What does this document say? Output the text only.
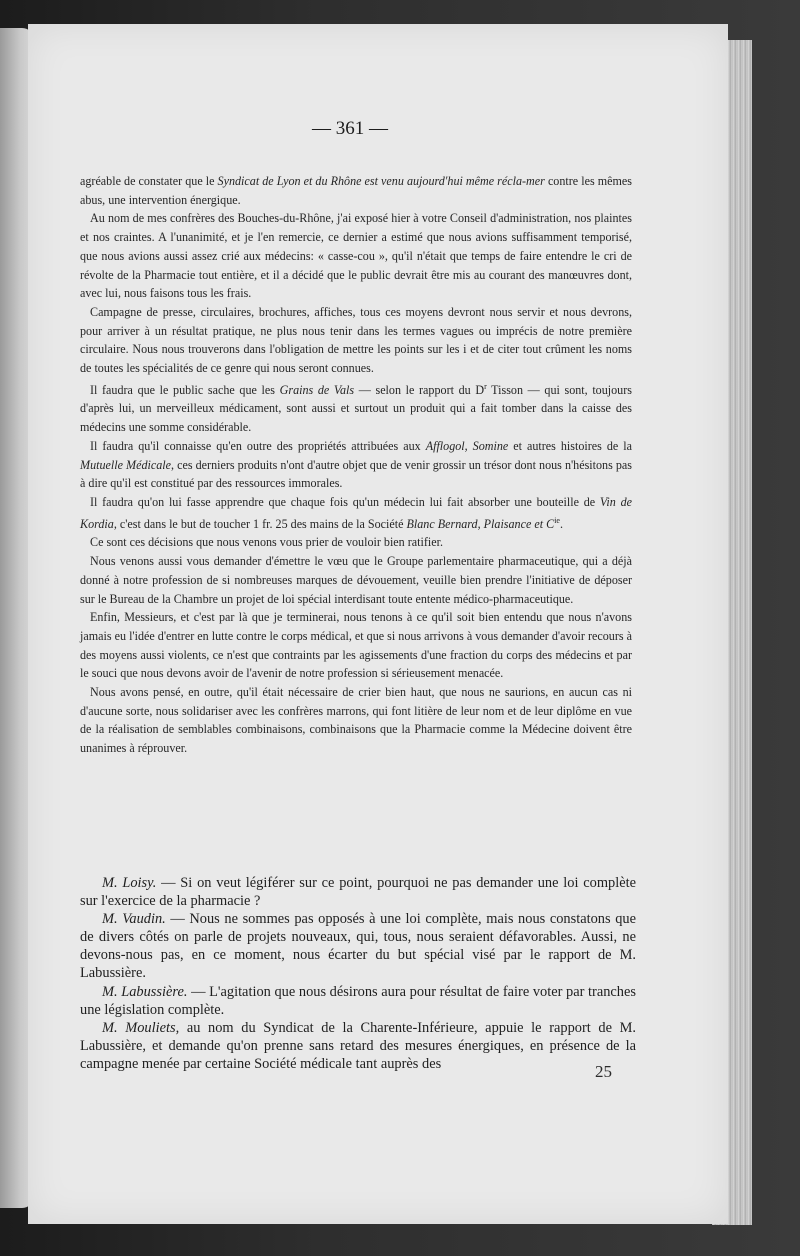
— 361 —

agréable de constater que le Syndicat de Lyon et du Rhône est venu aujourd'hui même récla-mer contre les mêmes abus, une intervention énergique.

Au nom de mes confrères des Bouches-du-Rhône, j'ai exposé hier à votre Conseil d'administration, nos plaintes et nos craintes. A l'unanimité, et je l'en remercie, ce dernier a estimé que nous avions suffisamment temporisé, que nous avions aussi assez crié aux médecins: « casse-cou », qu'il n'était que temps de faire entendre le cri de révolte de la Pharmacie tout entière, et il a décidé que le public devrait être mis au courant des manœuvres dont, avec lui, nous faisons tous les frais.

Campagne de presse, circulaires, brochures, affiches, tous ces moyens devront nous servir et nous devrons, pour arriver à un résultat pratique, ne plus nous tenir dans les termes vagues ou imprécis de notre première circulaire. Nous nous trouverons dans l'obligation de mettre les points sur les i et de citer tout crûment les noms de toutes les spécialités de ce genre qui nous seront connues.

Il faudra que le public sache que les Grains de Vals — selon le rapport du $D^r$ Tisson — qui sont, toujours d'après lui, un merveilleux médicament, sont aussi et surtout un produit qui a fait tomber dans la caisse des médecins une somme considérable.

Il faudra qu'il connaisse qu'en outre des propriétés attribuées aux Afflogol, Somine et autres histoires de la Mutuelle Médicale, ces derniers produits n'ont d'autre objet que de venir grossir un trésor dont nous n'hésitons pas à dire qu'il est constitué par des ressources immorales.

Il faudra qu'on lui fasse apprendre que chaque fois qu'un médecin lui fait absorber une bouteille de Vin de Kordia, c'est dans le but de toucher 1 fr. 25 des mains de la Société Blanc Bernard, Plaisance et $C^{ie}$.

Ce sont ces décisions que nous venons vous prier de vouloir bien ratifier.

Nous venons aussi vous demander d'émettre le vœu que le Groupe parlementaire pharmaceutique, qui a déjà donné à notre profession de si nombreuses marques de dévouement, veuille bien prendre l'initiative de déposer sur le Bureau de la Chambre un projet de loi spécial interdisant toute entente médico-pharmaceutique.

Enfin, Messieurs, et c'est par là que je terminerai, nous tenons à ce qu'il soit bien entendu que nous n'avons jamais eu l'idée d'entrer en lutte contre le corps médical, et que si nous arrivons à vous demander d'avoir recours à des moyens aussi violents, ce n'est que contraints par les agissements d'une fraction du corps des médecins et par le souci que nous devons avoir de l'avenir de notre profession si sérieusement menacée.

Nous avons pensé, en outre, qu'il était nécessaire de crier bien haut, que nous ne saurions, en aucun cas ni d'aucune sorte, nous solidariser avec les confrères marrons, qui font litière de leur nom et de leur diplôme en vue de la réalisation de semblables combinaisons, combinaisons que la Pharmacie comme la Médecine doivent être unanimes à réprouver.

M. Loisy. — Si on veut légiférer sur ce point, pourquoi ne pas demander une loi complète sur l'exercice de la pharmacie ?

M. Vaudin. — Nous ne sommes pas opposés à une loi complète, mais nous constatons que de divers côtés on parle de projets nouveaux, qui, tous, nous seraient défavorables. Aussi, ne devons-nous pas, en ce moment, nous écarter du but spécial visé par le rapport de M. Labussière.

M. Labussière. — L'agitation que nous désirons aura pour résultat de faire voter par tranches une législation complète.

M. Mouliets, au nom du Syndicat de la Charente-Inférieure, appuie le rapport de M. Labussière, et demande qu'on prenne sans retard des mesures énergiques, en présence de la campagne menée par certaine Société médicale tant auprès des	25
